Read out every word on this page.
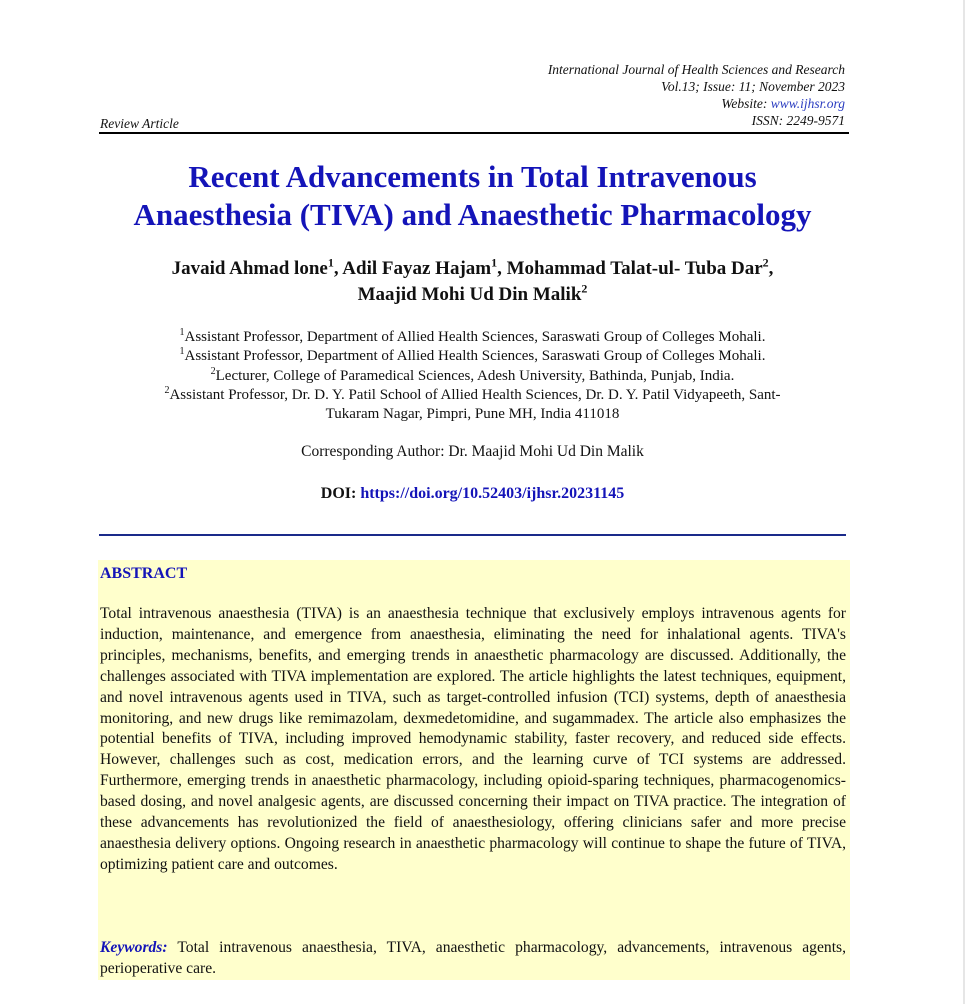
International Journal of Health Sciences and Research
Vol.13; Issue: 11; November 2023
Website: www.ijhsr.org
ISSN: 2249-9571
Review Article
Recent Advancements in Total Intravenous
Anaesthesia (TIVA) and Anaesthetic Pharmacology
Javaid Ahmad lone$^1$, Adil Fayaz Hajam$^1$, Mohammad Talat-ul- Tuba Dar$^2$,
Maajid Mohi Ud Din Malik$^2$
$^1$Assistant Professor, Department of Allied Health Sciences, Saraswati Group of Colleges Mohali.
$^1$Assistant Professor, Department of Allied Health Sciences, Saraswati Group of Colleges Mohali.
$^2$Lecturer, College of Paramedical Sciences, Adesh University, Bathinda, Punjab, India.
$^2$Assistant Professor, Dr. D. Y. Patil School of Allied Health Sciences, Dr. D. Y. Patil Vidyapeeth, Sant-
Tukaram Nagar, Pimpri, Pune MH, India 411018
Corresponding Author: Dr. Maajid Mohi Ud Din Malik
DOI: https://doi.org/10.52403/ijhsr.20231145
ABSTRACT
Total intravenous anaesthesia (TIVA) is an anaesthesia technique that exclusively employs intravenous agents for induction, maintenance, and emergence from anaesthesia, eliminating the need for inhalational agents. TIVA's principles, mechanisms, benefits, and emerging trends in anaesthetic pharmacology are discussed. Additionally, the challenges associated with TIVA implementation are explored. The article highlights the latest techniques, equipment, and novel intravenous agents used in TIVA, such as target-controlled infusion (TCI) systems, depth of anaesthesia monitoring, and new drugs like remimazolam, dexmedetomidine, and sugammadex. The article also emphasizes the potential benefits of TIVA, including improved hemodynamic stability, faster recovery, and reduced side effects. However, challenges such as cost, medication errors, and the learning curve of TCI systems are addressed. Furthermore, emerging trends in anaesthetic pharmacology, including opioid-sparing techniques, pharmacogenomics-based dosing, and novel analgesic agents, are discussed concerning their impact on TIVA practice. The integration of these advancements has revolutionized the field of anaesthesiology, offering clinicians safer and more precise anaesthesia delivery options. Ongoing research in anaesthetic pharmacology will continue to shape the future of TIVA, optimizing patient care and outcomes.
Keywords: Total intravenous anaesthesia, TIVA, anaesthetic pharmacology, advancements, intravenous agents, perioperative care.
